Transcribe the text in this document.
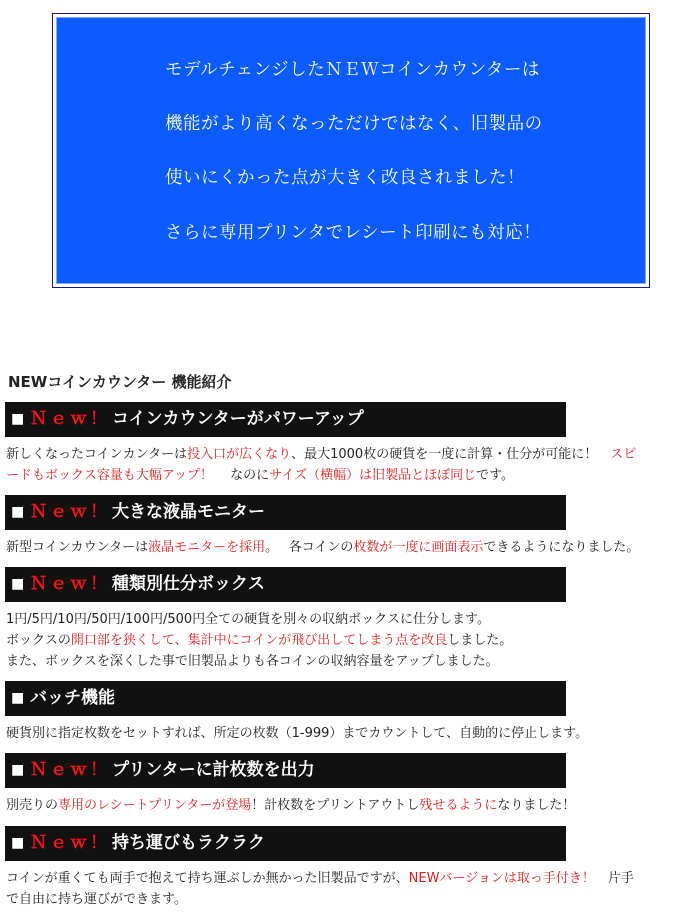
モデルチェンジしたＮＥＷコインカウンターは
機能がより高くなっただけではなく、旧製品の
使いにくかった点が大きく改良されました！
さらに専用プリンタでレシート印刷にも対応！
NEWコインカウンター 機能紹介
■ Ｎｅｗ！ コインカウンターがパワーアップ
新しくなったコインカンターは投入口が広くなり、最大1000枚の硬貨を一度に計算・仕分が可能に！　スピ
ードもボックス容量も大幅アップ！　 なのにサイズ（横幅）は旧製品とほぼ同じです。
■ Ｎｅｗ！ 大きな液晶モニター
新型コインカウンターは液晶モニターを採用。　 各コインの枚数が一度に画面表示できるようになりました。
■ Ｎｅｗ！ 種類別仕分ボックス
1円/5円/10円/50円/100円/500円全ての硬貨を別々の収納ボックスに仕分します。
ボックスの開口部を狭くして、集計中にコインが飛び出してしまう点を改良しました。
また、ボックスを深くした事で旧製品よりも各コインの収納容量をアップしました。
■ バッチ機能
硬貨別に指定枚数をセットすれば、所定の枚数（1-999）までカウントして、自動的に停止します。
■ Ｎｅｗ！ プリンターに計枚数を出力
別売りの専用のレシートプリンターが登場！計枚数をプリントアウトし残せるようになりました！
■ Ｎｅｗ！ 持ち運びもラクラク
コインが重くても両手で抱えて持ち運ぶしか無かった旧製品ですが、NEWバージョンは取っ手付き！　片手
で自由に持ち運びができます。
